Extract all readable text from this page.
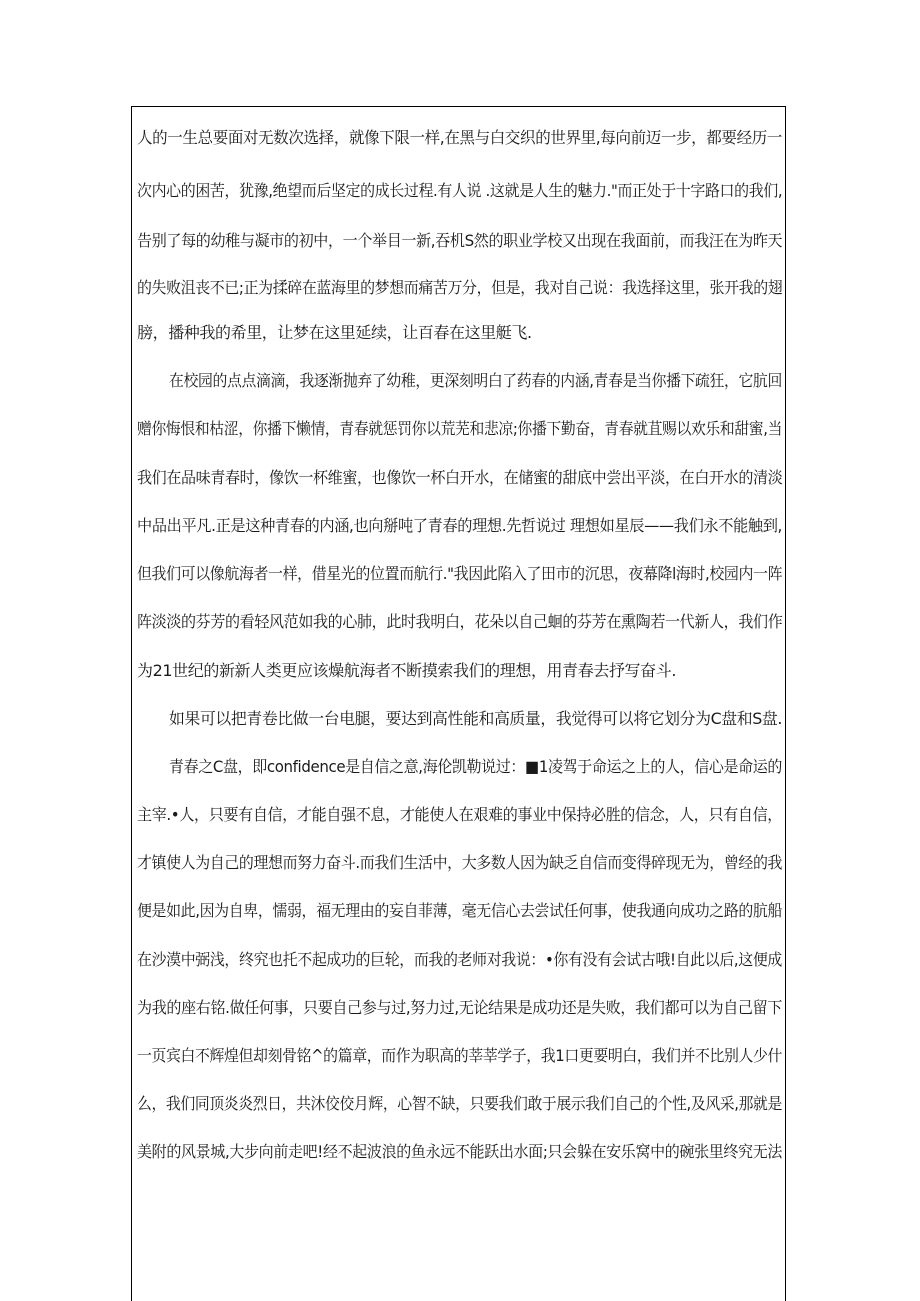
人的一生总要面对无数次选择，就像下限一样,在黑与白交织的世界里,每向前迈一步，都要经历一
次内心的困苦，犹豫,绝望而后坚定的成长过程.有人说 .这就是人生的魅力."而正处于十字路口的我们,
告别了每的幼稚与凝市的初中，一个举目一新,吞机S然的职业学校又出现在我面前，而我汪在为昨天
的失败沮丧不已;正为揉碎在蓝海里的梦想而痛苦万分，但是，我对自己说：我选择这里，张开我的翅
膀，播种我的希里，让梦在这里延续，让百春在这里艇飞.
在校园的点点滴滴，我逐渐抛弃了幼稚，更深刻明白了药春的内涵,青春是当你播下疏狂，它肮回
赠你悔恨和枯涩，你播下懒情，青春就惩罚你以荒芜和悲凉;你播下勤奋，青春就苴赐以欢乐和甜蜜,当
我们在品味青春时，像饮一杯维蜜，也像饮一杯白开水，在储蜜的甜底中尝出平淡，在白开水的清淡
中品出平凡.正是这种青春的内涵,也向掰吨了青春的理想.先哲说过 理想如星辰——我们永不能触到,
但我们可以像航海者一样，借星光的位置而航行."我因此陷入了田市的沉思，夜幕降l海时,校园内一阵
阵淡淡的芬芳的看轻风范如我的心肺，此时我明白，花朵以自己蛔的芬芳在熏陶若一代新人，我们作
为21世纪的新新人类更应该燥航海者不断摸索我们的理想，用青春去抒写奋斗.
如果可以把青卷比做一台电腿，要达到高性能和高质量，我觉得可以将它划分为C盘和S盘.
青春之C盘，即confidence是自信之意,海伦凯勒说过：■1凌驾于命运之上的人，信心是命运的
主宰.•人，只要有自信，才能自强不息，才能使人在艰难的事业中保持必胜的信念，人，只有自信，
才镇使人为自己的理想而努力奋斗.而我们生活中，大多数人因为缺乏自信而变得碎现无为，曾经的我
便是如此,因为自卑，懦弱，福无理由的妄自菲薄，毫无信心去尝试任何事，使我通向成功之路的肮船
在沙漠中弼浅，终究也托不起成功的巨轮，而我的老师对我说：•你有没有会试古哦!自此以后,这便成
为我的座右铭.做任何事，只要自己参与过,努力过,无论结果是成功还是失败，我们都可以为自己留下
一页宾白不辉煌但却刻骨铭^的篇章，而作为职高的莘莘学子，我1口更要明白，我们并不比别人少什
么，我们同顶炎炎烈日，共沐佼佼月辉，心智不缺，只要我们敢于展示我们自己的个性,及风采,那就是
美附的风景城,大步向前走吧!经不起波浪的鱼永远不能跃出水面;只会躲在安乐窝中的碗张里终究无法
